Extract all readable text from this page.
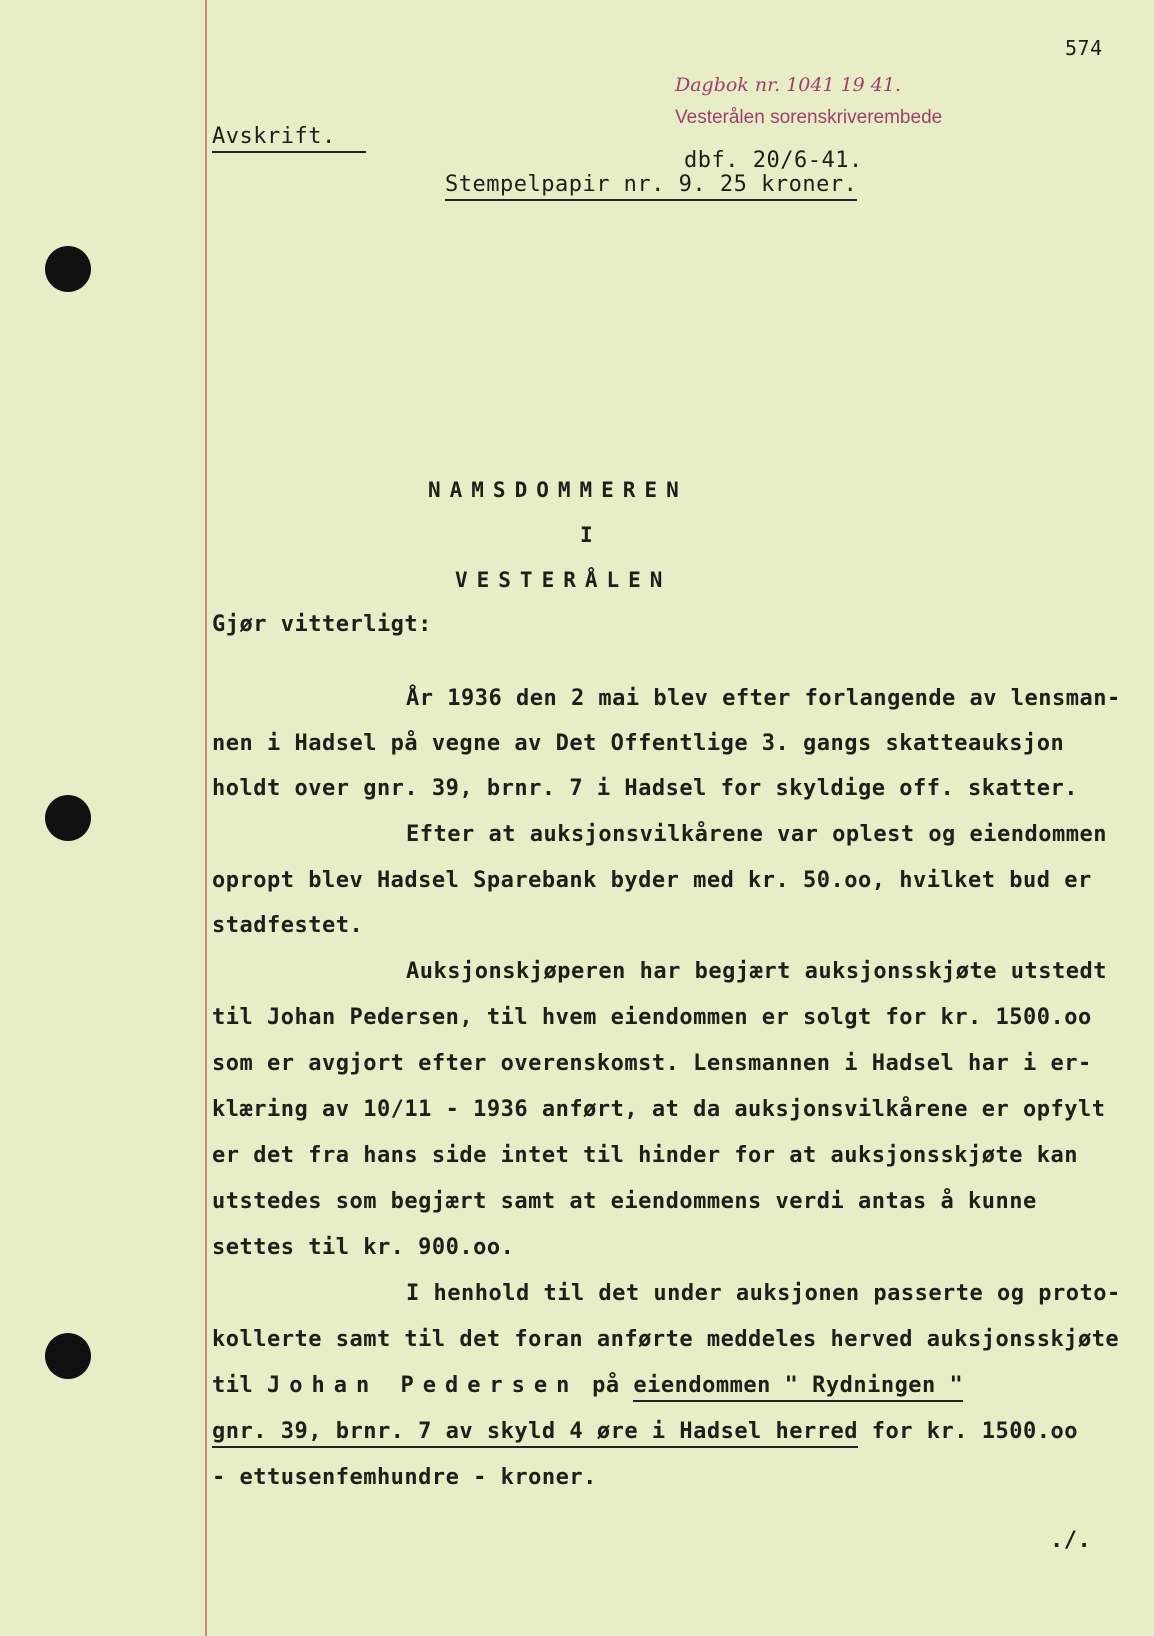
574
Dagbok nr. 1041 19 41.
Vesterålen sorenskriverembede
Avskrift.
dbf. 20/6-41.
Stempelpapir nr. 9. 25 kroner.
NAMSDOMMEREN
I
VESTERÅLEN
Gjør vitterligt:
År 1936 den 2 mai blev efter forlangende av lensman-
nen i Hadsel på vegne av Det Offentlige 3. gangs skatteauksjon
holdt over gnr. 39, brnr. 7 i Hadsel for skyldige off. skatter.
Efter at auksjonsvilkårene var oplest og eiendommen
opropt blev Hadsel Sparebank byder med kr. 50.oo, hvilket bud er
stadfestet.
Auksjonskjøperen har begjært auksjonsskjøte utstedt
til Johan Pedersen, til hvem eiendommen er solgt for kr. 1500.oo
som er avgjort efter overenskomst. Lensmannen i Hadsel har i er-
klæring av 10/11 - 1936 anført, at da auksjonsvilkårene er opfylt
er det fra hans side intet til hinder for at auksjonsskjøte kan
utstedes som begjært samt at eiendommens verdi antas å kunne
settes til kr. 900.oo.
I henhold til det under auksjonen passerte og proto-
kollerte samt til det foran anførte meddeles herved auksjonsskjøte
til Johan Pedersen på eiendommen " Rydningen "
gnr. 39, brnr. 7 av skyld 4 øre i Hadsel herred for kr. 1500.oo
- ettusenfemhundre - kroner.
./.
